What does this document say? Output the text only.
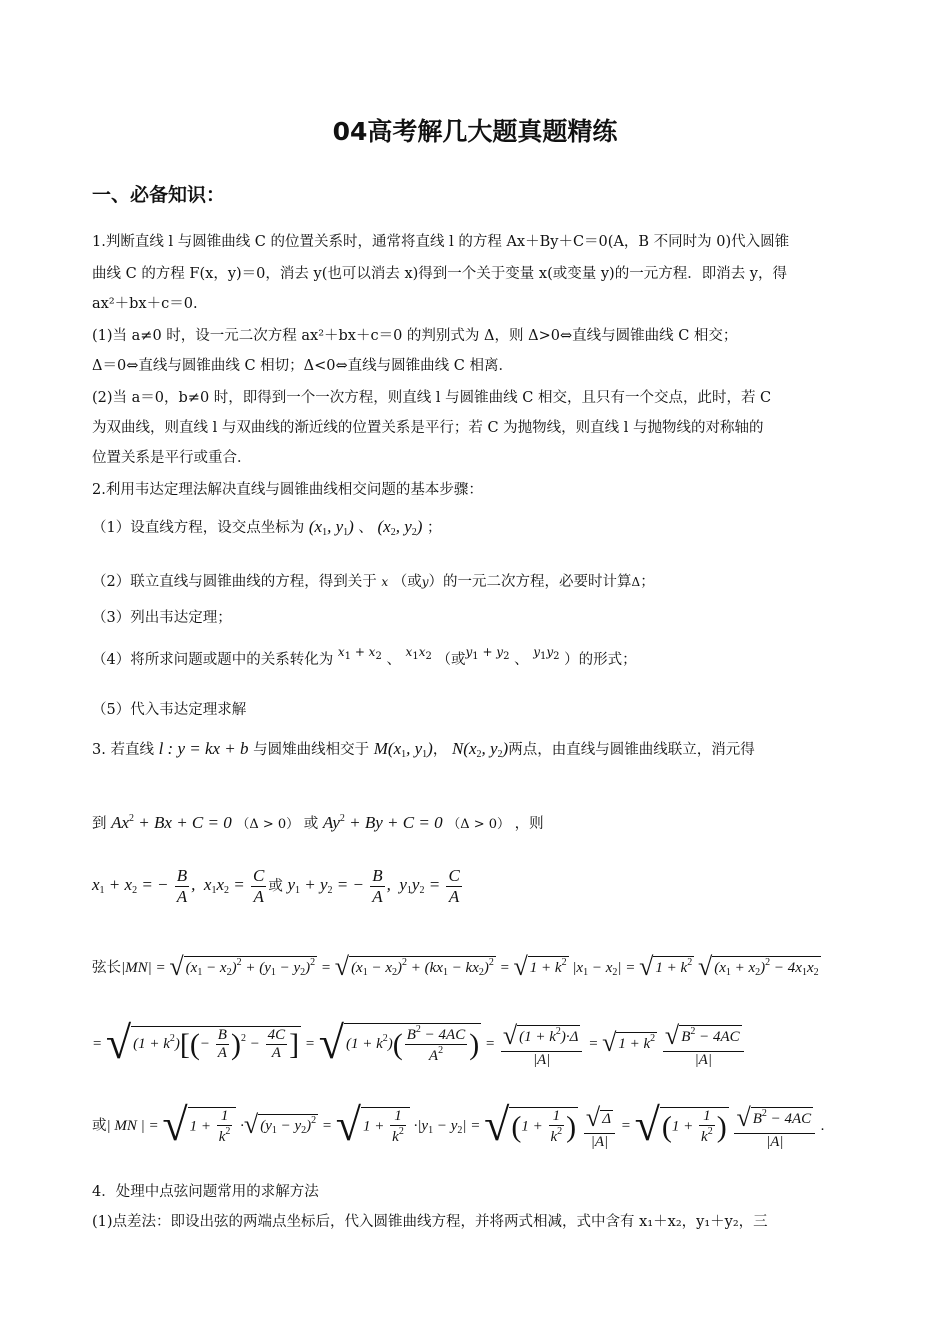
04高考解几大题真题精练
一、必备知识：
1.判断直线 l 与圆锥曲线 C 的位置关系时，通常将直线 l 的方程 Ax＋By＋C＝0(A，B 不同时为 0)代入圆锥
曲线 C 的方程 F(x，y)＝0，消去 y(也可以消去 x)得到一个关于变量 x(或变量 y)的一元方程．即消去 y，得
ax²＋bx＋c＝0.
(1)当 a≠0 时，设一元二次方程 ax²＋bx＋c＝0 的判别式为 Δ，则 Δ>0⇔直线与圆锥曲线 C 相交；
Δ＝0⇔直线与圆锥曲线 C 相切；Δ<0⇔直线与圆锥曲线 C 相离．
(2)当 a＝0，b≠0 时，即得到一个一次方程，则直线 l 与圆锥曲线 C 相交，且只有一个交点，此时，若 C
为双曲线，则直线 l 与双曲线的渐近线的位置关系是平行；若 C 为抛物线，则直线 l 与抛物线的对称轴的
位置关系是平行或重合．
2.利用韦达定理法解决直线与圆锥曲线相交问题的基本步骤：
（1）设直线方程，设交点坐标为 ($x_1$, $y_1$) 、 ($x_2$, $y_2$) ；
（2）联立直线与圆锥曲线的方程，得到关于 x （或y）的一元二次方程，必要时计算Δ；
（3）列出韦达定理；
（4）将所求问题或题中的关系转化为 $^{x_1 + x_2}$ 、 $^{x_1x_2}$ （或$^{y_1 + y_2}$ 、 $^{y_1y_2}$ ）的形式；
（5）代入韦达定理求解
3. 若直线 l : y = kx + b 与圆雉曲线相交于 $M(x_1$, $y_1$)， $N(x_2$, $y_2$)两点，由直线与圆锥曲线联立，消元得
到 $Ax^2 + Bx + C = 0$ （Δ > 0） 或 $Ay^2 + By + C = 0$ （Δ > 0） ，则
$x_1 + x_2$ = − $\frac{B}{A}$ ,  $x_1x_2 = \frac{C}{A}$ 或 $y_1 + y_2$ = − $\frac{B}{A}$ ,  $y_1y_2 = \frac{C}{A}$
弦长|MN| = √ $(x_1 - x_2)^2 + (y_1 - y_2)^2$ = √ $(x_1 - x_2)^2 + (kx_1 - kx_2)^2$ = √ $1 + k^2$ $|x_1 - x_2|$ = √ $1 + k^2$ √ $(x_1 + x_2)^2 - 4x_1x_2$
= √ $(1 + k^2)[(- \frac{B}{A} )^2 - \frac{4C}{A}$ ] = √ $(1 + k^2)( \frac{B^2 - 4AC}{A^2}$ ) = $\frac{√ (1 + k^2)\cdot\Delta}{|A|}$ = √ $1 + k^2 \frac{√ B^2 - 4AC}{|A|}$
或| MN | = √ $1 + \frac{1}{k^2}$ ·√ $(y_1 - y_2)^2$ = √ $1 + \frac{1}{k^2} \cdot|y_1 - y_2| = √(1 + \frac{1}{k^2}$ ) $\frac{√ \Delta}{|A|} = √(1 + \frac{1}{k^2}$ ) $\frac{√ B^2 - 4AC}{|A|}$ .
4．处理中点弦问题常用的求解方法
(1)点差法：即设出弦的两端点坐标后，代入圆锥曲线方程，并将两式相减，式中含有 x₁＋x₂，y₁＋y₂，三
